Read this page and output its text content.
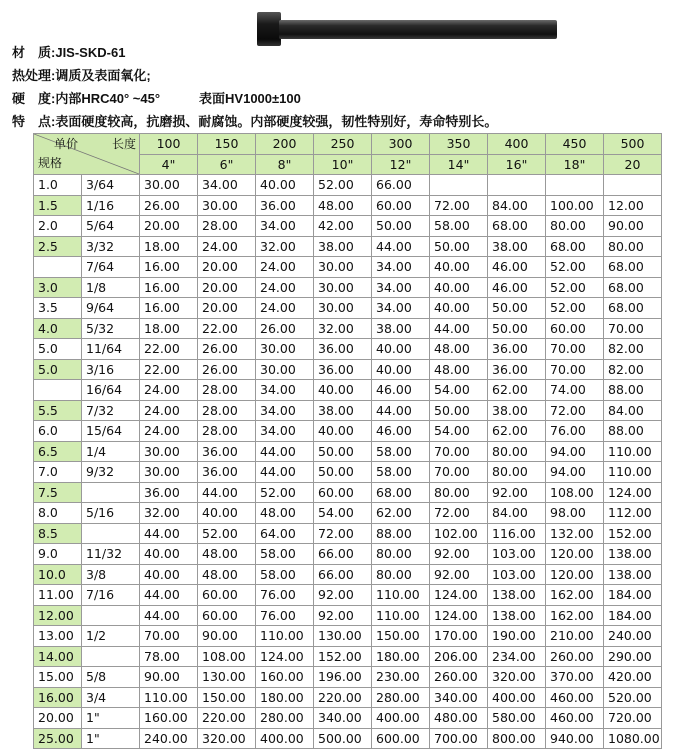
材　质:JIS-SKD-61
热处理:调质及表面氧化;
硬　度:内部HRC40° ~45°　　　表面HV1000±100
特　点:表面硬度较高，抗磨损、耐腐蚀。内部硬度较强，韧性特别好，寿命特别长。
单价 长度
规格		100	150	200	250	300	350	400	450	500
		4"	6"	8"	10"	12"	14"	16"	18"	20
1.0	3/64	30.00	34.00	40.00	52.00	66.00				
1.5	1/16	26.00	30.00	36.00	48.00	60.00	72.00	84.00	100.00	12.00
2.0	5/64	20.00	28.00	34.00	42.00	50.00	58.00	68.00	80.00	90.00
2.5	3/32	18.00	24.00	32.00	38.00	44.00	50.00	38.00	68.00	80.00
	7/64	16.00	20.00	24.00	30.00	34.00	40.00	46.00	52.00	68.00
3.0	1/8	16.00	20.00	24.00	30.00	34.00	40.00	46.00	52.00	68.00
3.5	9/64	16.00	20.00	24.00	30.00	34.00	40.00	50.00	52.00	68.00
4.0	5/32	18.00	22.00	26.00	32.00	38.00	44.00	50.00	60.00	70.00
5.0	11/64	22.00	26.00	30.00	36.00	40.00	48.00	36.00	70.00	82.00
5.0	3/16	22.00	26.00	30.00	36.00	40.00	48.00	36.00	70.00	82.00
	16/64	24.00	28.00	34.00	40.00	46.00	54.00	62.00	74.00	88.00
5.5	7/32	24.00	28.00	34.00	38.00	44.00	50.00	38.00	72.00	84.00
6.0	15/64	24.00	28.00	34.00	40.00	46.00	54.00	62.00	76.00	88.00
6.5	1/4	30.00	36.00	44.00	50.00	58.00	70.00	80.00	94.00	110.00
7.0	9/32	30.00	36.00	44.00	50.00	58.00	70.00	80.00	94.00	110.00
7.5		36.00	44.00	52.00	60.00	68.00	80.00	92.00	108.00	124.00
8.0	5/16	32.00	40.00	48.00	54.00	62.00	72.00	84.00	98.00	112.00
8.5		44.00	52.00	64.00	72.00	88.00	102.00	116.00	132.00	152.00
9.0	11/32	40.00	48.00	58.00	66.00	80.00	92.00	103.00	120.00	138.00
10.0	3/8	40.00	48.00	58.00	66.00	80.00	92.00	103.00	120.00	138.00
11.00	7/16	44.00	60.00	76.00	92.00	110.00	124.00	138.00	162.00	184.00
12.00		44.00	60.00	76.00	92.00	110.00	124.00	138.00	162.00	184.00
13.00	1/2	70.00	90.00	110.00	130.00	150.00	170.00	190.00	210.00	240.00
14.00		78.00	108.00	124.00	152.00	180.00	206.00	234.00	260.00	290.00
15.00	5/8	90.00	130.00	160.00	196.00	230.00	260.00	320.00	370.00	420.00
16.00	3/4	110.00	150.00	180.00	220.00	280.00	340.00	400.00	460.00	520.00
20.00	1"	160.00	220.00	280.00	340.00	400.00	480.00	580.00	460.00	720.00
25.00	1"	240.00	320.00	400.00	500.00	600.00	700.00	800.00	940.00	1080.00
